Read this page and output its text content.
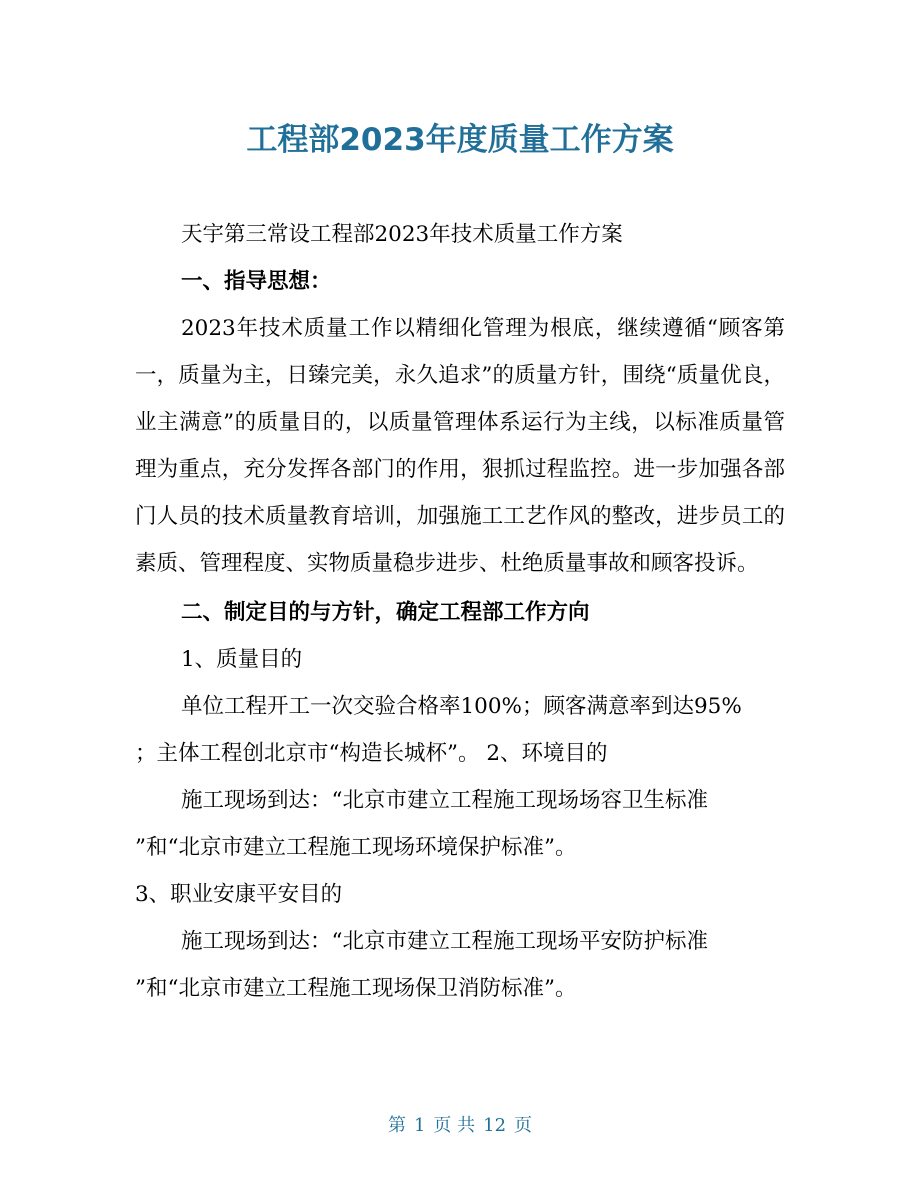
工程部2023年度质量工作方案

天宇第三常设工程部2023年技术质量工作方案

一、指导思想：

2023年技术质量工作以精细化管理为根底，继续遵循“顾客第一，质量为主，日臻完美，永久追求”的质量方针，围绕“质量优良，业主满意”的质量目的，以质量管理体系运行为主线，以标准质量管理为重点，充分发挥各部门的作用，狠抓过程监控。进一步加强各部门人员的技术质量教育培训，加强施工工艺作风的整改，进步员工的素质、管理程度、实物质量稳步进步、杜绝质量事故和顾客投诉。

二、制定目的与方针，确定工程部工作方向

1、质量目的

单位工程开工一次交验合格率100%；顾客满意率到达95%

；主体工程创北京市“构造长城杯”。 2、环境目的

施工现场到达：“北京市建立工程施工现场场容卫生标准

”和“北京市建立工程施工现场环境保护标准”。

3、职业安康平安目的

施工现场到达：“北京市建立工程施工现场平安防护标准

”和“北京市建立工程施工现场保卫消防标准”。

第 1 页 共 12 页
